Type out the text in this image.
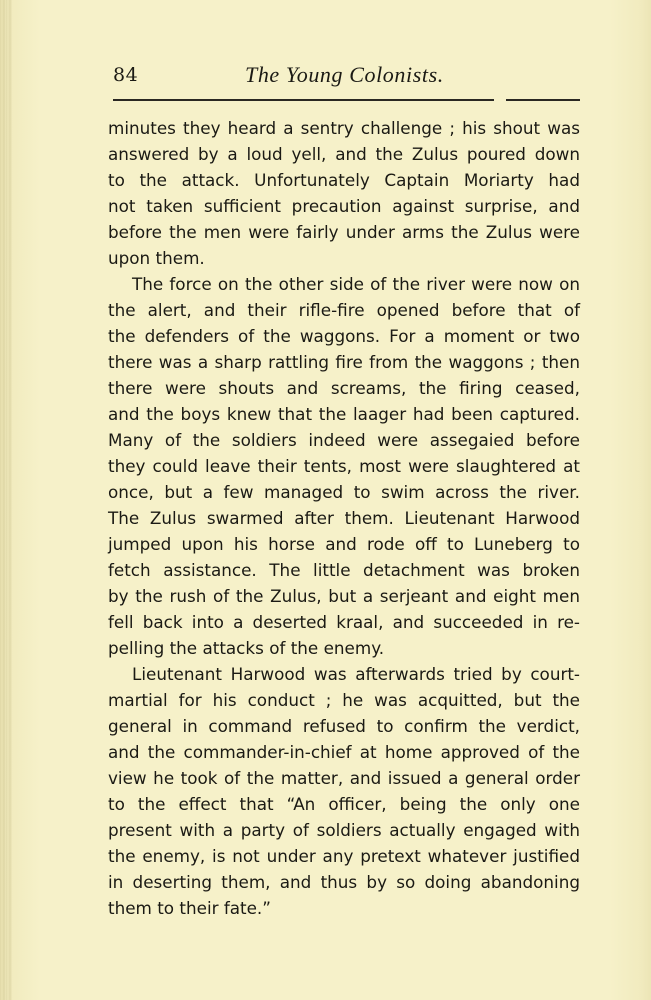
84	The Young Colonists.
minutes they heard a sentry challenge ; his shout was
answered by a loud yell, and the Zulus poured down
to the attack. Unfortunately Captain Moriarty had
not taken sufficient precaution against surprise, and
before the men were fairly under arms the Zulus were
upon them.
The force on the other side of the river were now on
the alert, and their rifle-fire opened before that of
the defenders of the waggons. For a moment or two
there was a sharp rattling fire from the waggons ; then
there were shouts and screams, the firing ceased,
and the boys knew that the laager had been captured.
Many of the soldiers indeed were assegaied before
they could leave their tents, most were slaughtered at
once, but a few managed to swim across the river.
The Zulus swarmed after them. Lieutenant Harwood
jumped upon his horse and rode off to Luneberg to
fetch assistance. The little detachment was broken
by the rush of the Zulus, but a serjeant and eight men
fell back into a deserted kraal, and succeeded in re-
pelling the attacks of the enemy.
Lieutenant Harwood was afterwards tried by court-
martial for his conduct ; he was acquitted, but the
general in command refused to confirm the verdict,
and the commander-in-chief at home approved of the
view he took of the matter, and issued a general order
to the effect that “An officer, being the only one
present with a party of soldiers actually engaged with
the enemy, is not under any pretext whatever justified
in deserting them, and thus by so doing abandoning
them to their fate.”
